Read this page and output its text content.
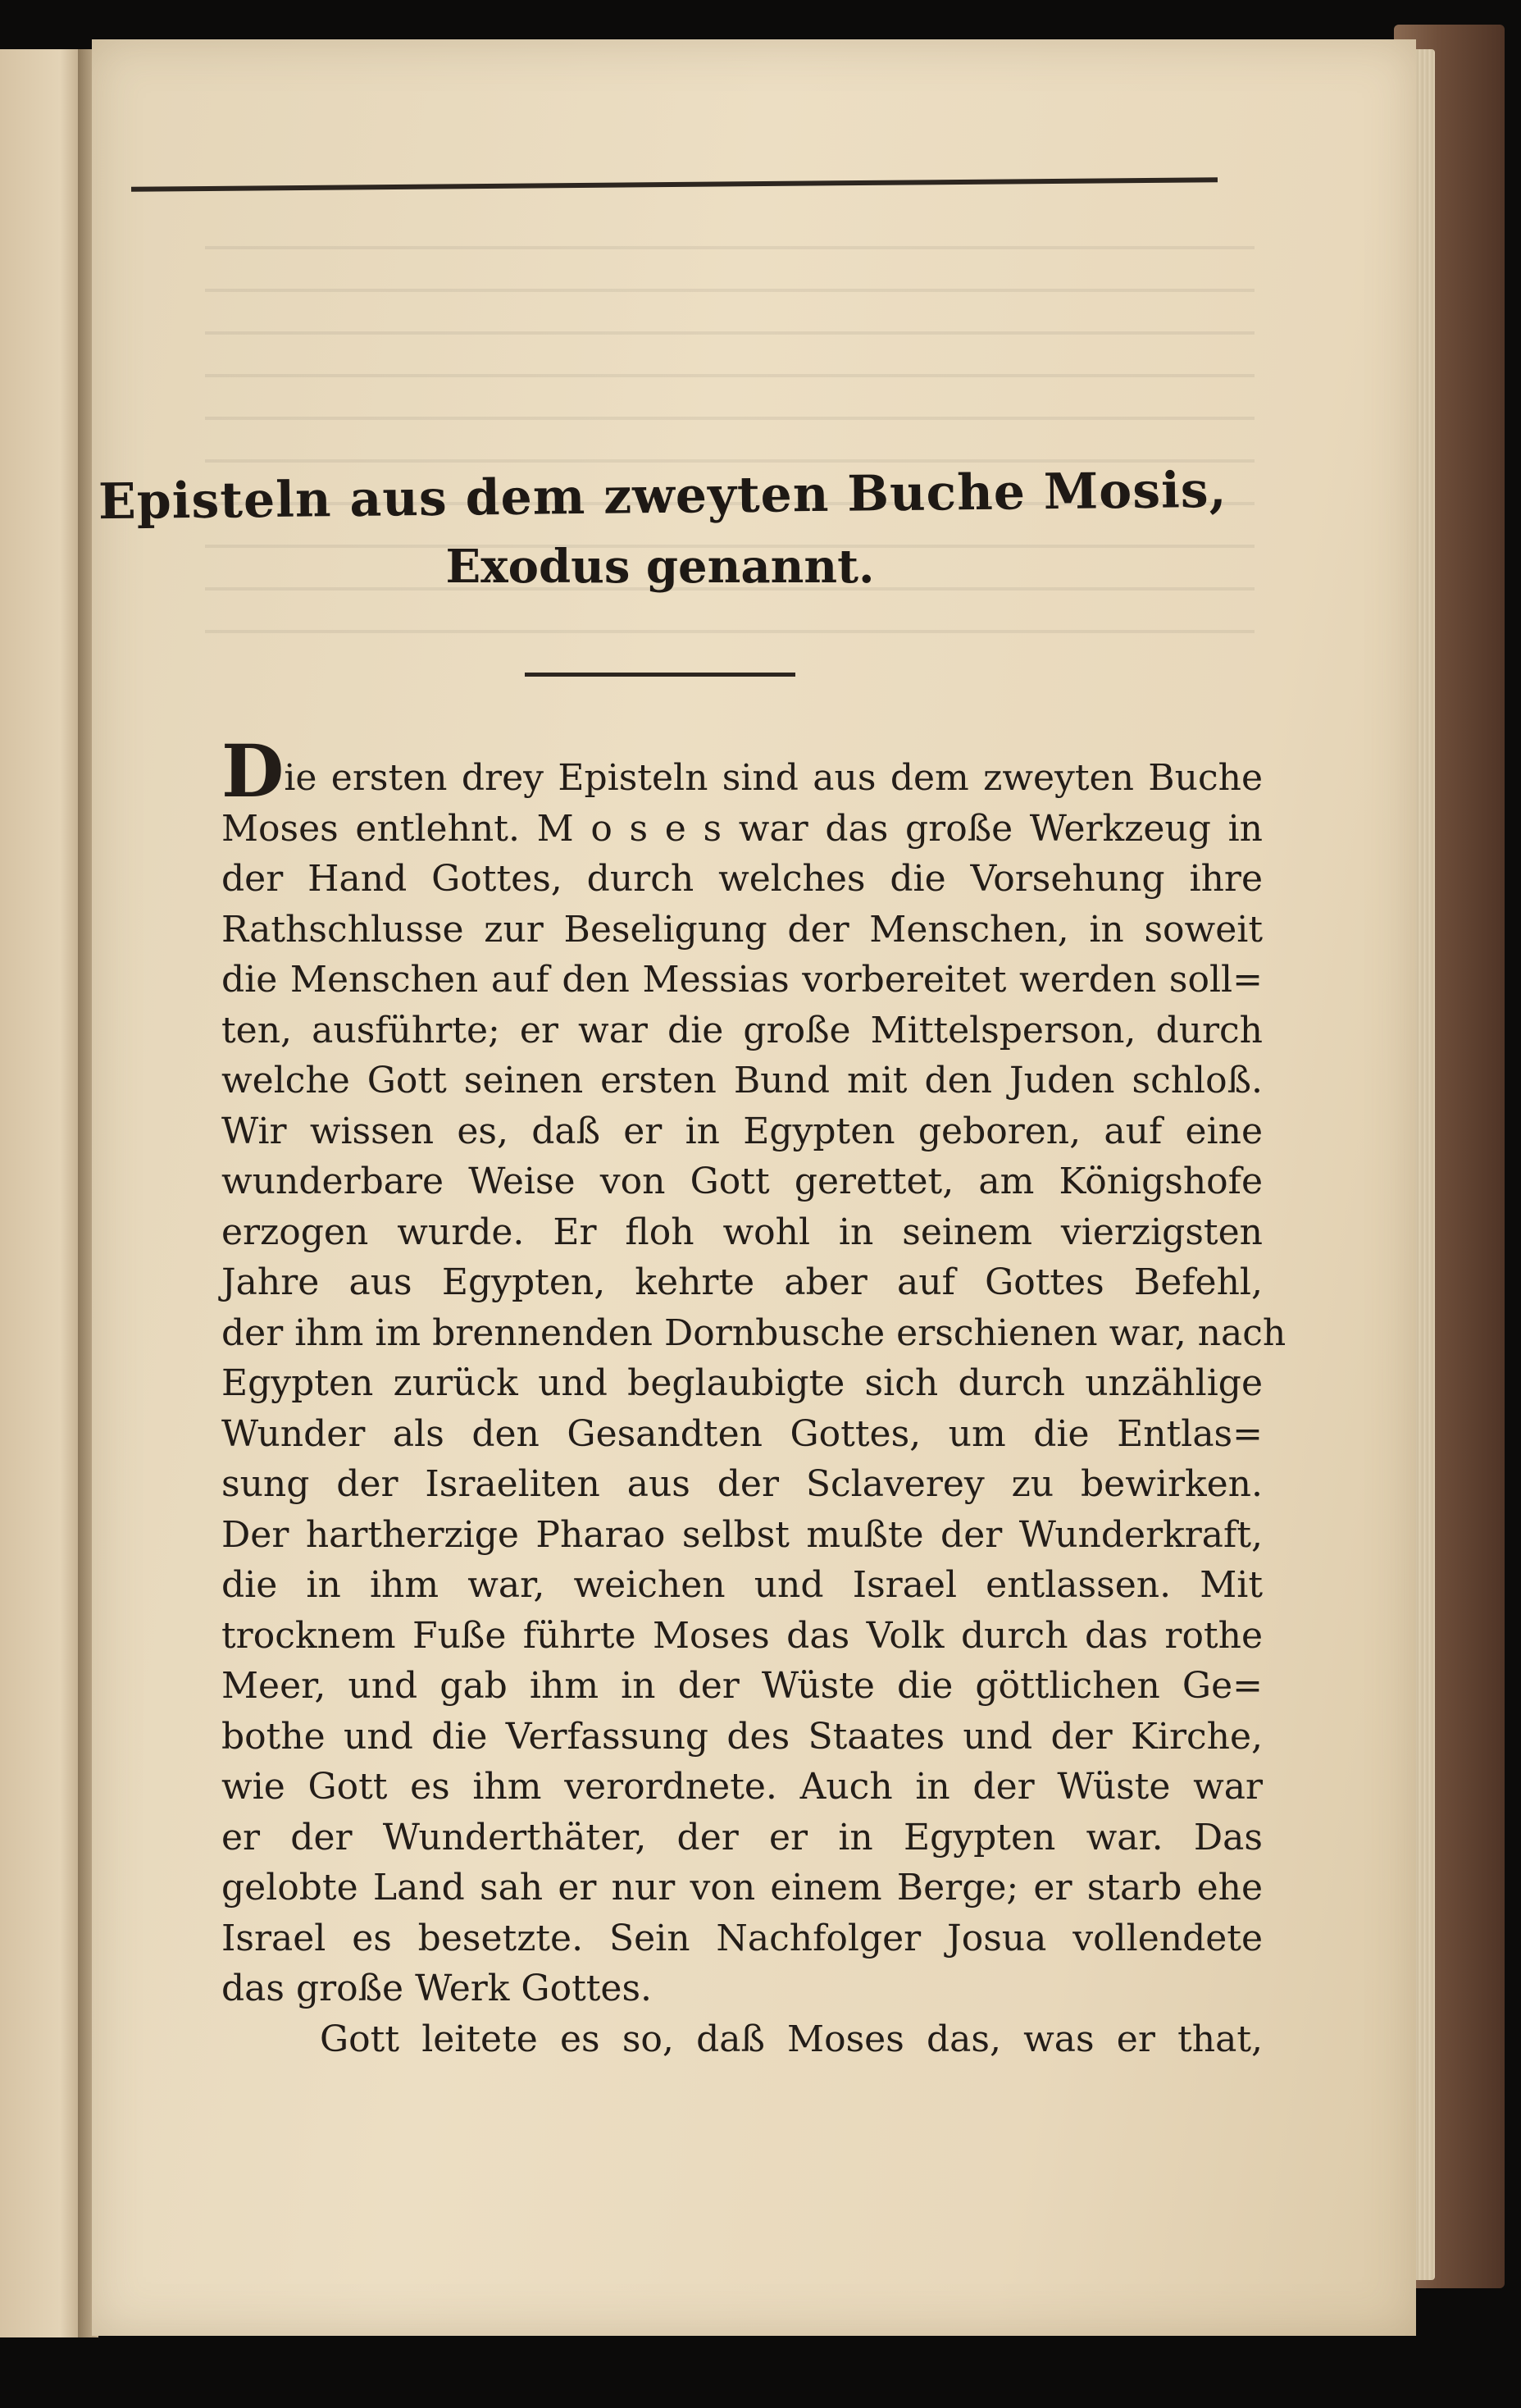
Episteln aus dem zweyten Buche Mosis,
Exodus genannt.
Die ersten drey Episteln sind aus dem zweyten Buche
Moses entlehnt. M o s e s war das große Werkzeug in
der Hand Gottes, durch welches die Vorsehung ihre
Rathschlusse zur Beseligung der Menschen, in soweit
die Menschen auf den Messias vorbereitet werden soll=
ten, ausführte; er war die große Mittelsperson, durch
welche Gott seinen ersten Bund mit den Juden schloß.
Wir wissen es, daß er in Egypten geboren, auf eine
wunderbare Weise von Gott gerettet, am Königshofe
erzogen wurde. Er floh wohl in seinem vierzigsten
Jahre aus Egypten, kehrte aber auf Gottes Befehl,
der ihm im brennenden Dornbusche erschienen war, nach
Egypten zurück und beglaubigte sich durch unzählige
Wunder als den Gesandten Gottes, um die Entlas=
sung der Israeliten aus der Sclaverey zu bewirken.
Der hartherzige Pharao selbst mußte der Wunderkraft,
die in ihm war, weichen und Israel entlassen. Mit
trocknem Fuße führte Moses das Volk durch das rothe
Meer, und gab ihm in der Wüste die göttlichen Ge=
bothe und die Verfassung des Staates und der Kirche,
wie Gott es ihm verordnete. Auch in der Wüste war
er der Wunderthäter, der er in Egypten war. Das
gelobte Land sah er nur von einem Berge; er starb ehe
Israel es besetzte. Sein Nachfolger Josua vollendete
das große Werk Gottes.
Gott leitete es so, daß Moses das, was er that,
